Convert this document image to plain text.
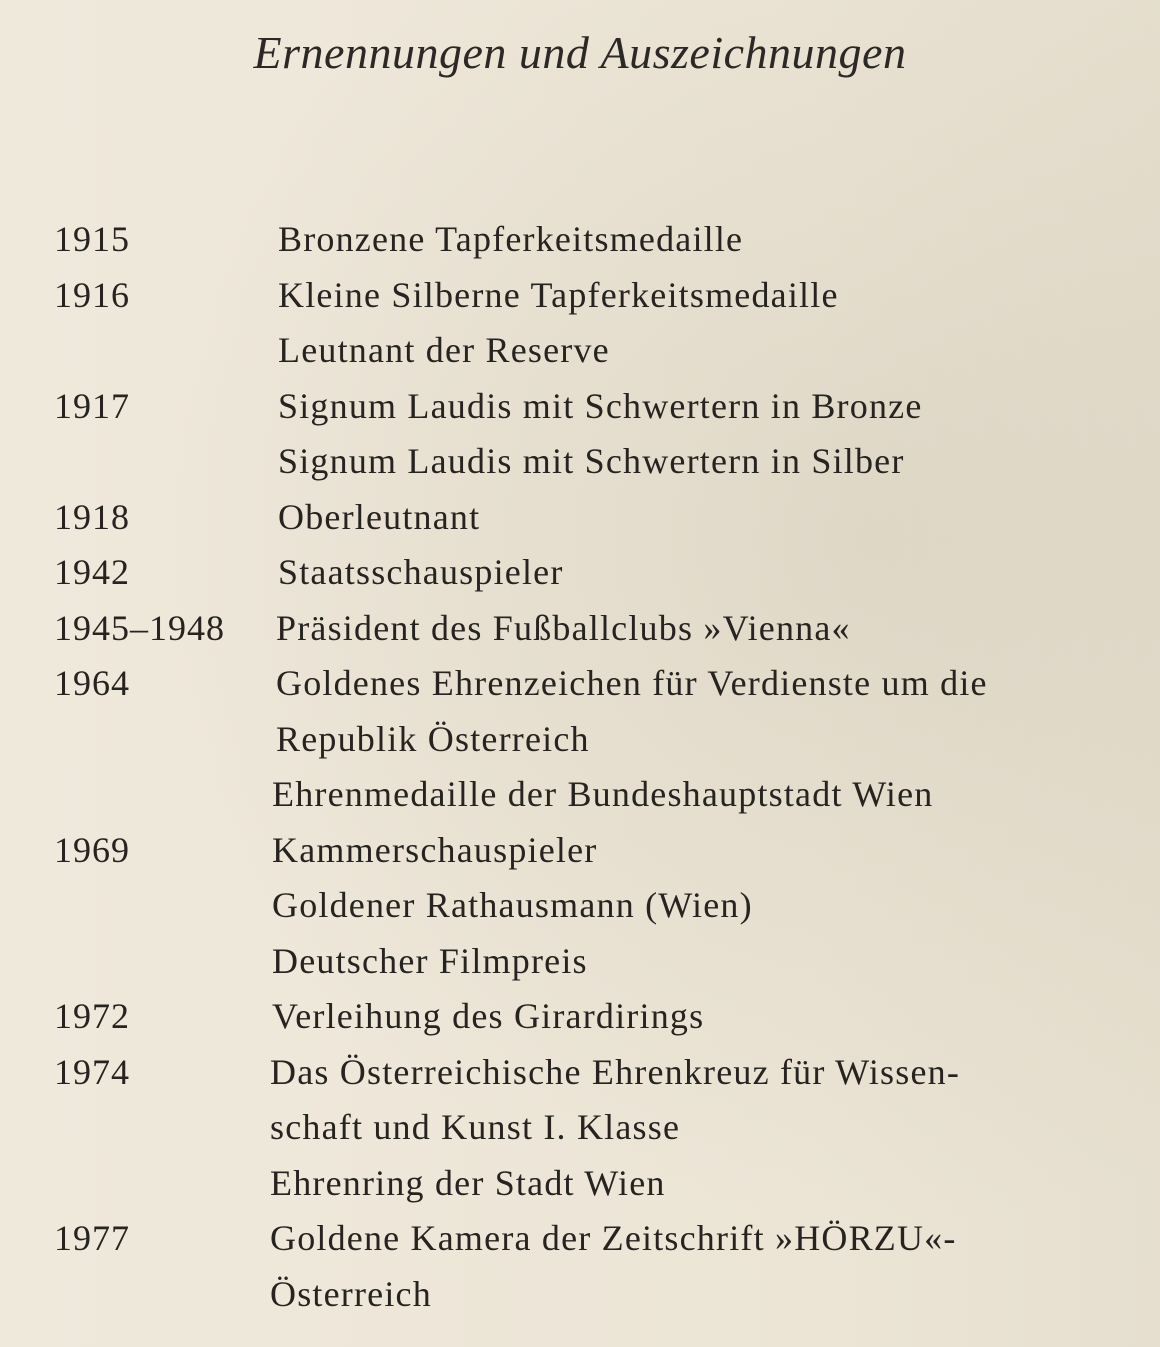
Ernennungen und Auszeichnungen
1915	Bronzene Tapferkeitsmedaille
1916	Kleine Silberne Tapferkeitsmedaille
Leutnant der Reserve
1917	Signum Laudis mit Schwertern in Bronze
Signum Laudis mit Schwertern in Silber
1918	Oberleutnant
1942	Staatsschauspieler
1945–1948 Präsident des Fußballclubs »Vienna«
1964	Goldenes Ehrenzeichen für Verdienste um die
Republik Österreich
Ehrenmedaille der Bundeshauptstadt Wien
1969	Kammerschauspieler
Goldener Rathausmann (Wien)
Deutscher Filmpreis
1972	Verleihung des Girardirings
1974	Das Österreichische Ehrenkreuz für Wissen-
schaft und Kunst I. Klasse
Ehrenring der Stadt Wien
1977	Goldene Kamera der Zeitschrift »HÖRZU«-
Österreich
